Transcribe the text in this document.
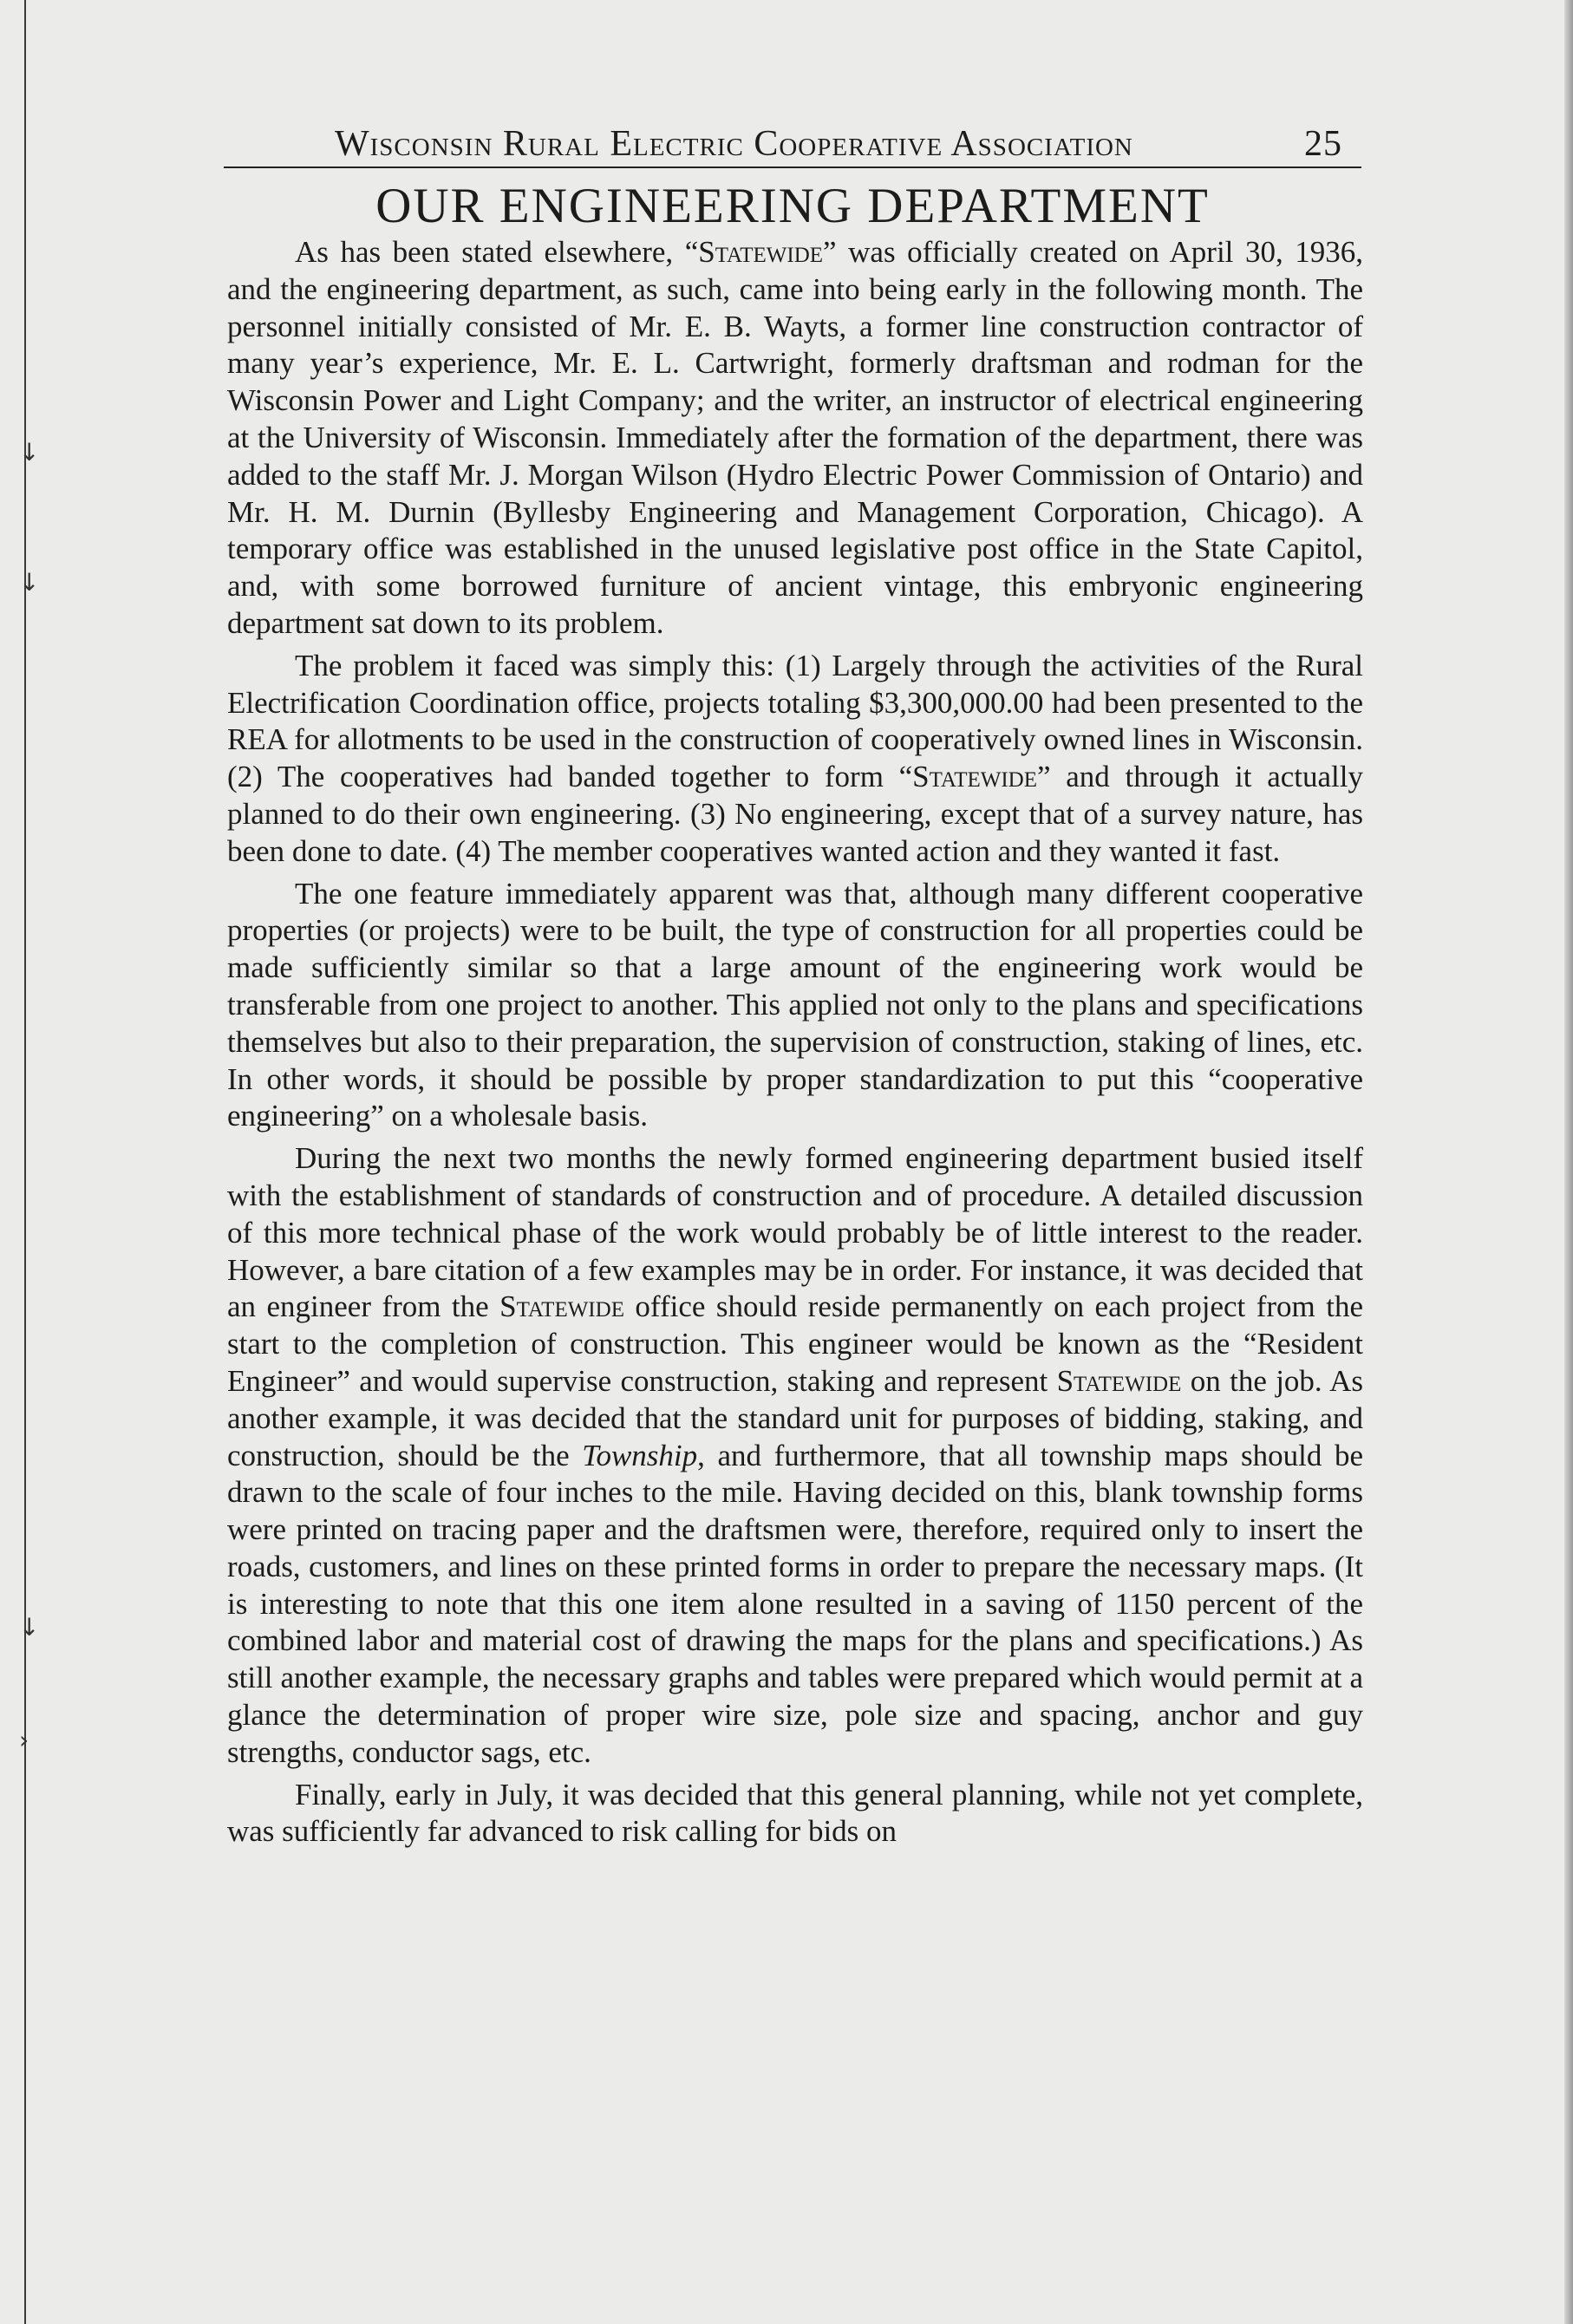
↓
↓
↓
›
Wisconsin Rural Electric Cooperative Association	25
OUR ENGINEERING DEPARTMENT

As has been stated elsewhere, “Statewide” was officially created on April 30, 1936, and the engineering department, as such, came into being early in the following month. The personnel initially consisted of Mr. E. B. Wayts, a former line construction contractor of many year’s experience, Mr. E. L. Cartwright, formerly draftsman and rodman for the Wisconsin Power and Light Company; and the writer, an instructor of electrical engineering at the University of Wisconsin. Immediately after the formation of the department, there was added to the staff Mr. J. Morgan Wilson (Hydro Electric Power Commission of Ontario) and Mr. H. M. Durnin (Byllesby Engineering and Management Corporation, Chicago). A temporary office was established in the unused legislative post office in the State Capitol, and, with some borrowed furniture of ancient vintage, this embryonic engineering department sat down to its problem.

The problem it faced was simply this: (1) Largely through the activities of the Rural Electrification Coordination office, projects totaling $3,300,000.00 had been presented to the REA for allotments to be used in the construction of cooperatively owned lines in Wisconsin. (2) The cooperatives had banded together to form “Statewide” and through it actually planned to do their own engineering. (3) No engineering, except that of a survey nature, has been done to date. (4) The member cooperatives wanted action and they wanted it fast.

The one feature immediately apparent was that, although many different cooperative properties (or projects) were to be built, the type of construction for all properties could be made sufficiently similar so that a large amount of the engineering work would be transferable from one project to another. This applied not only to the plans and specifications themselves but also to their preparation, the supervision of construction, staking of lines, etc. In other words, it should be possible by proper standardization to put this “cooperative engineering” on a wholesale basis.

During the next two months the newly formed engineering department busied itself with the establishment of standards of construction and of procedure. A detailed discussion of this more technical phase of the work would probably be of little interest to the reader. However, a bare citation of a few examples may be in order. For instance, it was decided that an engineer from the Statewide office should reside permanently on each project from the start to the completion of construction. This engineer would be known as the “Resident Engineer” and would supervise construction, staking and represent Statewide on the job. As another example, it was decided that the standard unit for purposes of bidding, staking, and construction, should be the Township, and furthermore, that all township maps should be drawn to the scale of four inches to the mile. Having decided on this, blank township forms were printed on tracing paper and the draftsmen were, therefore, required only to insert the roads, customers, and lines on these printed forms in order to prepare the necessary maps. (It is interesting to note that this one item alone resulted in a saving of 1150 percent of the combined labor and material cost of drawing the maps for the plans and specifications.) As still another example, the necessary graphs and tables were prepared which would permit at a glance the determination of proper wire size, pole size and spacing, anchor and guy strengths, conductor sags, etc.

Finally, early in July, it was decided that this general planning, while not yet complete, was sufficiently far advanced to risk calling for bids on
